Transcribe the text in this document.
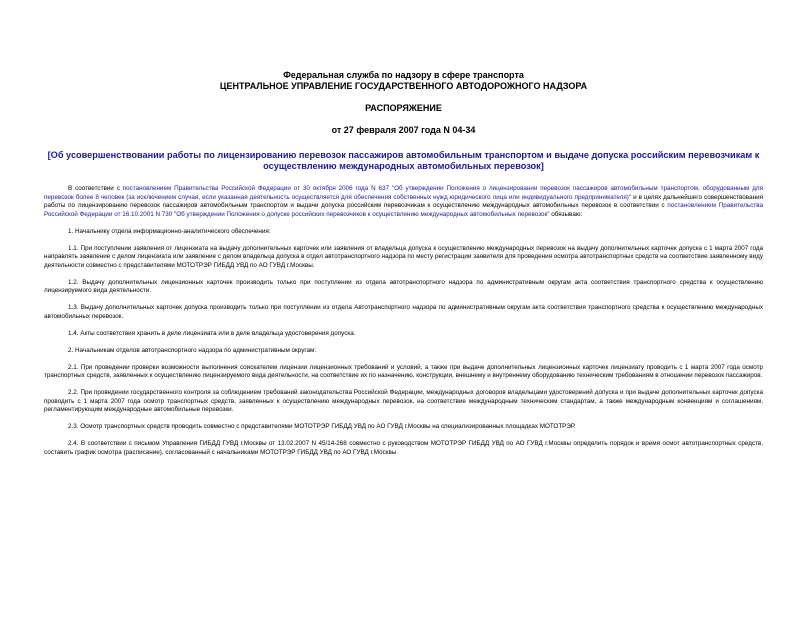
Федеральная служба по надзору в сфере транспорта
ЦЕНТРАЛЬНОЕ УПРАВЛЕНИЕ ГОСУДАРСТВЕННОГО АВТОДОРОЖНОГО НАДЗОРА
РАСПОРЯЖЕНИЕ
от 27 февраля 2007 года N 04-34
[Об усовершенствовании работы по лицензированию перевозок пассажиров автомобильным транспортом и выдаче допуска российским перевозчикам к осуществлению международных автомобильных перевозок]

В соответствии с постановлением Правительства Российской Федерации от 30 октября 2006 года N 637 "Об утверждении Положения о лицензировании перевозок пассажиров автомобильным транспортом, оборудованным для перевозок более 8 человек (за исключением случая, если указанная деятельность осуществляется для обеспечения собственных нужд юридического лица или индивидуального предпринимателя)" и в целях дальнейшего совершенствования работы по лицензированию перевозок пассажиров автомобильным транспортом и выдачи допуска российским перевозчикам к осуществлению международных автомобильных перевозок в соответствии с постановлением Правительства Российской Федерации от 16.10.2001 N 730 "Об утверждении Положения о допуске российских перевозчиков к осуществлению международных автомобильных перевозок" обязываю:

1. Начальнику отдела информационно-аналитического обеспечения:

1.1. При поступлении заявления от лицензиата на выдачу дополнительных карточек или заявления от владельца допуска к осуществлению международных перевозок на выдачу дополнительных карточек допуска с 1 марта 2007 года направлять заявление с делом лицензиата или заявление с делом владельца допуска в отдел автотранспортного надзора по месту регистрации заявителя для проведения осмотра автотранспортных средств на соответствие заявленному виду деятельности совместно с представителями МОТОТРЭР ГИБДД УВД по АО ГУВД г.Москвы.

1.2. Выдачу дополнительных лицензионных карточек производить только при поступлении из отдела автотранспортного надзора по административным округам акта соответствия транспортного средства к осуществлению лицензируемого вида деятельности.

1.3. Выдачу дополнительных карточек допуска производить только при поступлении из отдела Автотранспортного надзора по административным округам акта соответствия транспортного средства к осуществлению международных автомобильных перевозок.

1.4. Акты соответствия хранить в деле лицензиата или в деле владельца удостоверения допуска.

2. Начальникам отделов автотранспортного надзора по административным округам:

2.1. При проведении проверки возможности выполнения соискателем лицензии лицензионных требований и условий, а также при выдаче дополнительных лицензионных карточек лицензиату проводить с 1 марта 2007 года осмотр транспортных средств, заявленных к осуществлению лицензируемого вида деятельности, на соответствие их по назначению, конструкции, внешнему и внутреннему оборудованию техническим требованиям в отношении перевозок пассажиров.

2.2. При проведении государственного контроля за соблюдением требований законодательства Российской Федерации, международных договоров владельцами удостоверений допуска и при выдаче дополнительных карточек допуска проводить с 1 марта 2007 года осмотр транспортных средств, заявленных к осуществлению международных перевозок, на соответствие международным техническим стандартам, а также международным конвенциям и соглашениям, регламентирующим международные автомобильные перевозки.

2.3. Осмотр транспортных средств проводить совместно с представителями МОТОТРЭР ГИБДД УВД по АО ГУВД г.Москвы на специализированных площадках МОТОТРЭР.

2.4. В соответствии с письмом Управления ГИБДД ГУВД г.Москвы от 13.02.2007 N 45/14-268 совместно с руководством МОТОТРЭР ГИБДД УВД по АО ГУВД г.Москвы определить порядок и время осмот автотранспортных средств, составить график осмотра (расписание), согласованный с начальниками МОТОТРЭР ГИБДД УВД по АО ГУВД г.Москвы.
